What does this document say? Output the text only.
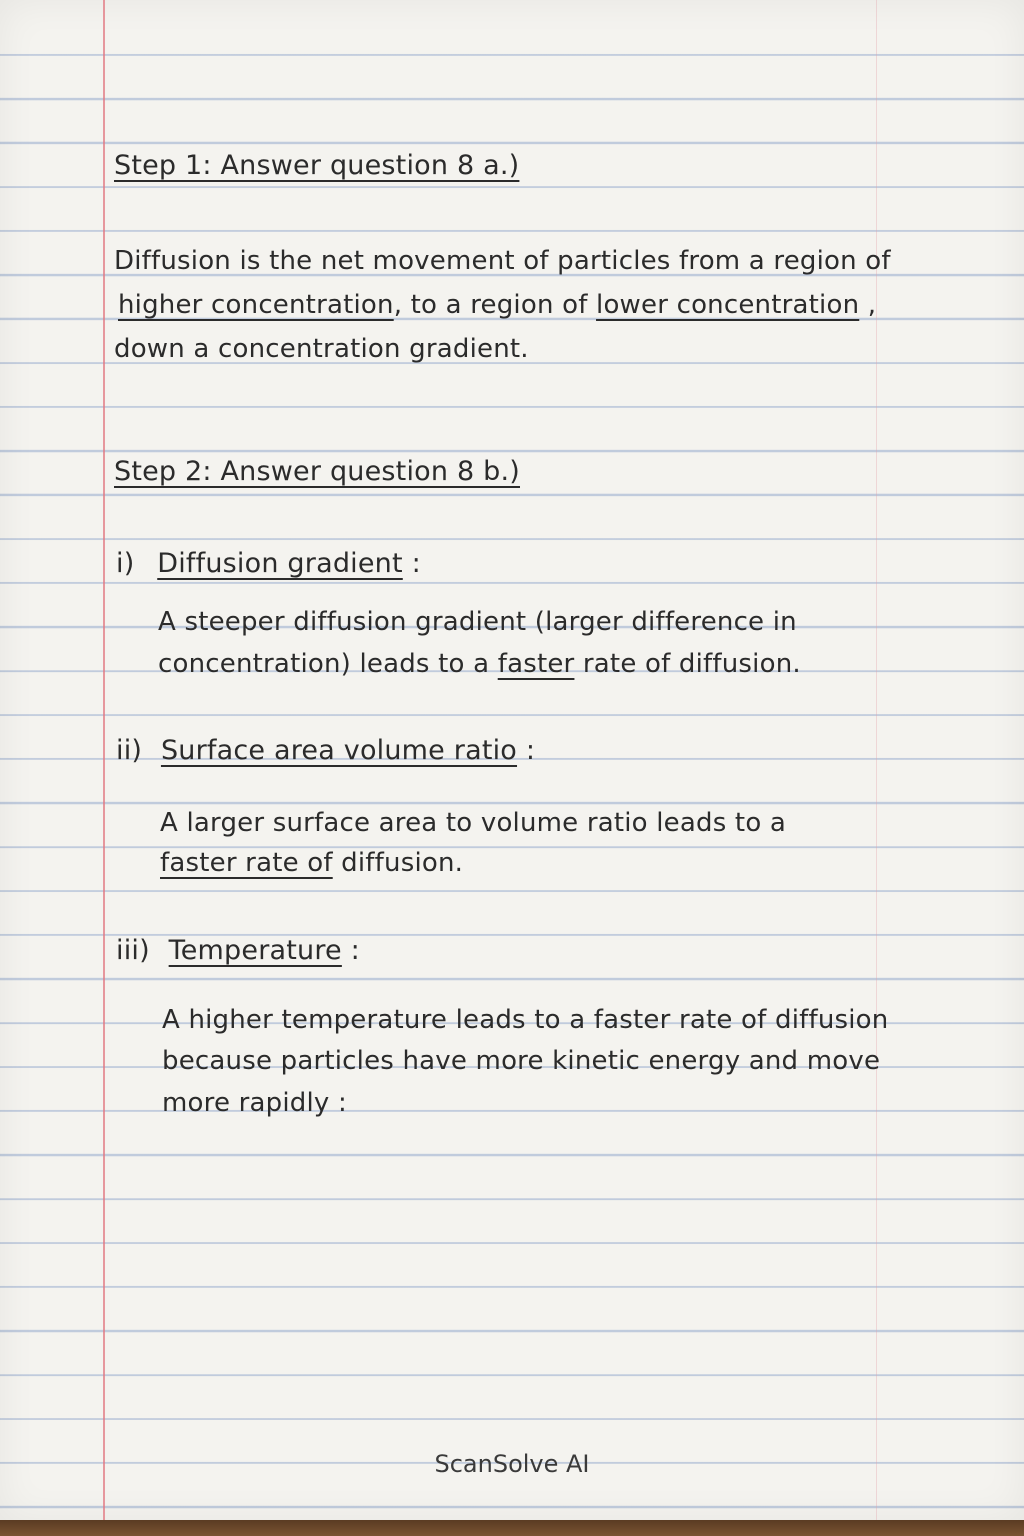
Step 1: Answer question 8 a.)
Diffusion is the net movement of particles from a region of
higher concentration, to a region of lower concentration ,
down a concentration gradient.
Step 2: Answer question 8 b.)
i) Diffusion gradient :
A steeper diffusion gradient (larger difference in
concentration) leads to a faster rate of diffusion.
ii) Surface area volume ratio :
A larger surface area to volume ratio leads to a
faster rate of diffusion.
iii) Temperature :
A higher temperature leads to a faster rate of diffusion
because particles have more kinetic energy and move
more rapidly :
ScanSolve AI
